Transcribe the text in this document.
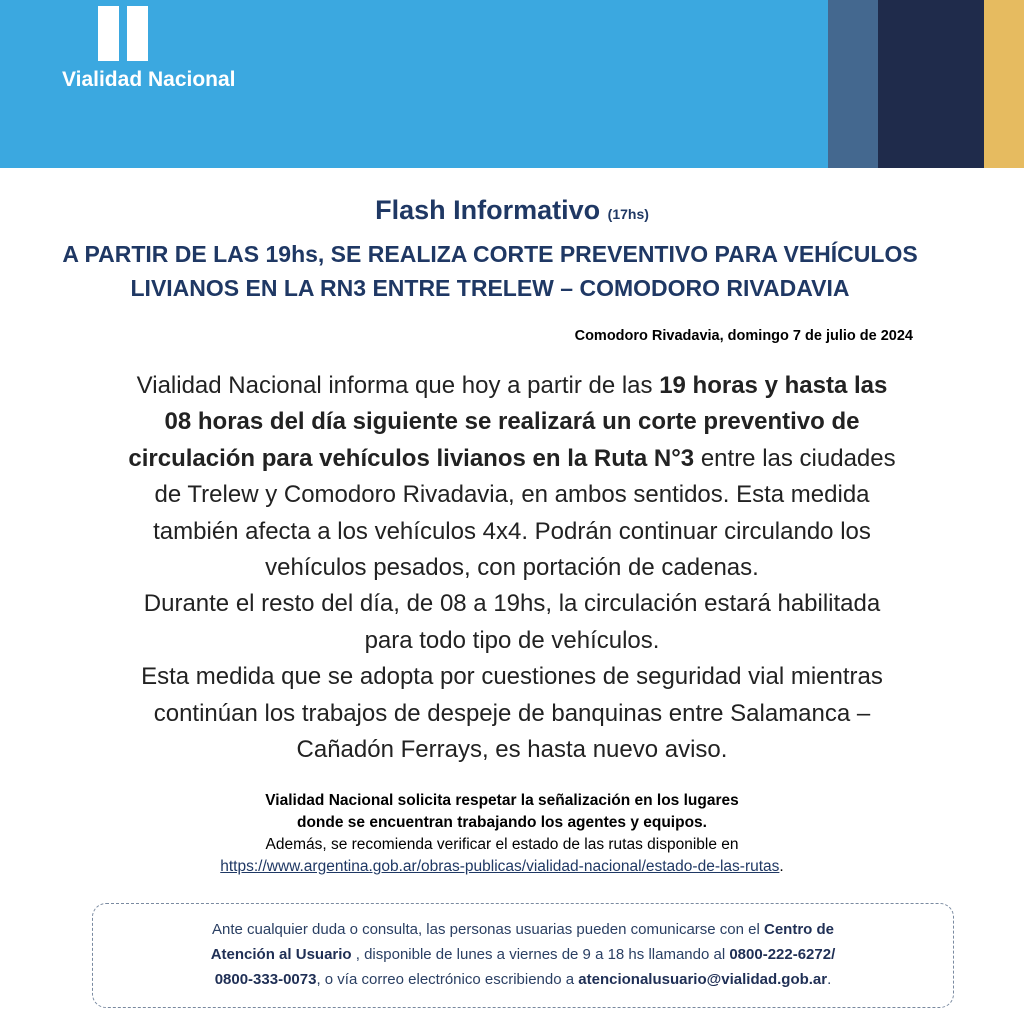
Vialidad Nacional
Flash Informativo (17hs)
A PARTIR DE LAS 19hs, SE REALIZA CORTE PREVENTIVO PARA VEHÍCULOS
LIVIANOS EN LA RN3 ENTRE TRELEW – COMODORO RIVADAVIA
Comodoro Rivadavia, domingo 7 de julio de 2024
Vialidad Nacional informa que hoy a partir de las 19 horas y hasta las
08 horas del día siguiente se realizará un corte preventivo de
circulación para vehículos livianos en la Ruta N°3 entre las ciudades
de Trelew y Comodoro Rivadavia, en ambos sentidos. Esta medida
también afecta a los vehículos 4x4. Podrán continuar circulando los
vehículos pesados, con portación de cadenas.
Durante el resto del día, de 08 a 19hs, la circulación estará habilitada
para todo tipo de vehículos.
Esta medida que se adopta por cuestiones de seguridad vial mientras
continúan los trabajos de despeje de banquinas entre Salamanca –
Cañadón Ferrays, es hasta nuevo aviso.
Vialidad Nacional solicita respetar la señalización en los lugares
donde se encuentran trabajando los agentes y equipos.
Además, se recomienda verificar el estado de las rutas disponible en
https://www.argentina.gob.ar/obras-publicas/vialidad-nacional/estado-de-las-rutas.
Ante cualquier duda o consulta, las personas usuarias pueden comunicarse con el Centro de
Atención al Usuario , disponible de lunes a viernes de 9 a 18 hs llamando al 0800-222-6272/
0800-333-0073, o vía correo electrónico escribiendo a atencionalusuario@vialidad.gob.ar.
